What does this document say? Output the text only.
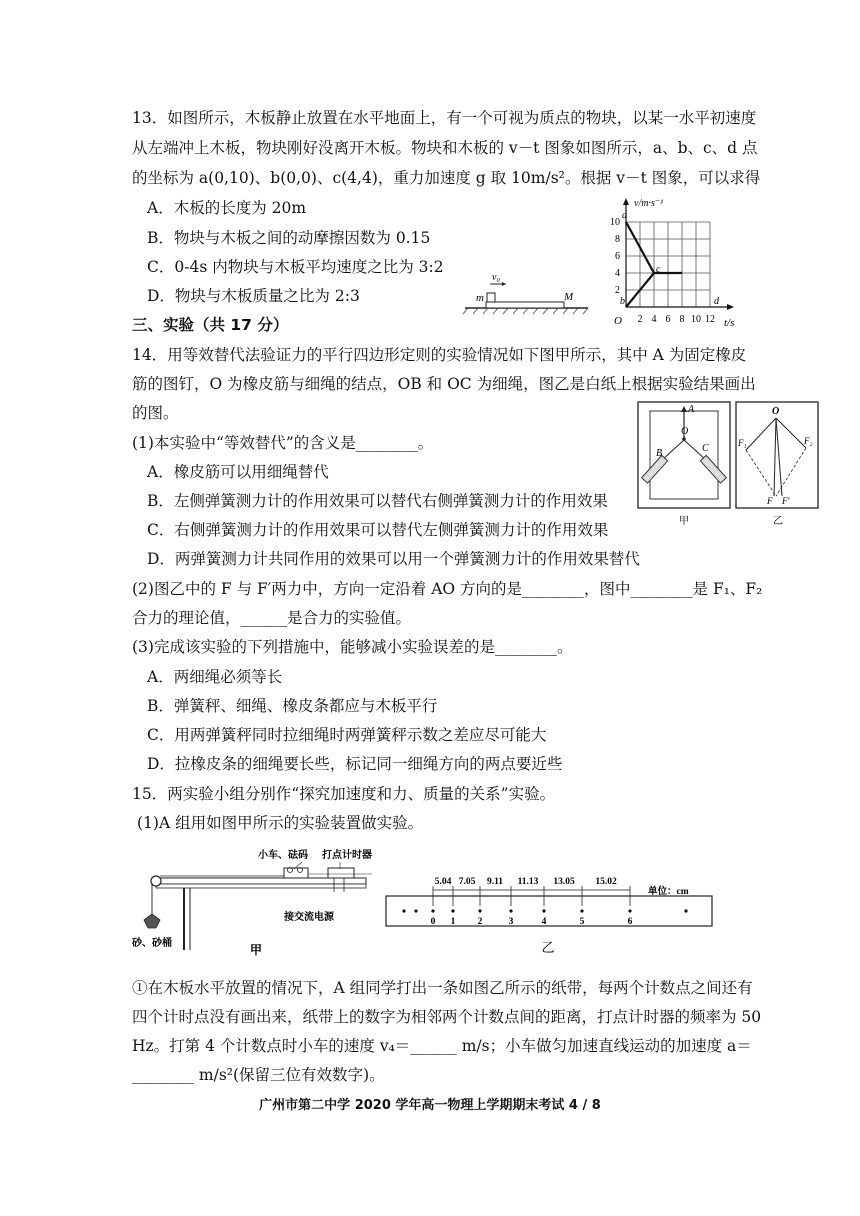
13．如图所示，木板静止放置在水平地面上，有一个可视为质点的物块，以某一水平初速度
从左端冲上木板，物块刚好没离开木板。物块和木板的 v－t 图象如图所示，a、b、c、d 点
的坐标为 a(0,10)、b(0,0)、c(4,4)，重力加速度 g 取 10m/s²。根据 v－t 图象，可以求得
A．木板的长度为 20m
B．物块与木板之间的动摩擦因数为 0.15
C．0-4s 内物块与木板平均速度之比为 3:2
D．物块与木板质量之比为 2:3
v₀
m	M
v/m·s⁻¹
t/s
O 2 4 6 8 10 12
2
4
6
8
10
a
b
c
d
三、实验（共 17 分）
14．用等效替代法验证力的平行四边形定则的实验情况如下图甲所示，其中 A 为固定橡皮
筋的图钉，O 为橡皮筋与细绳的结点，OB 和 OC 为细绳，图乙是白纸上根据实验结果画出
的图。
(1)本实验中“等效替代”的含义是________。
A．橡皮筋可以用细绳替代
B．左侧弹簧测力计的作用效果可以替代右侧弹簧测力计的作用效果
C．右侧弹簧测力计的作用效果可以替代左侧弹簧测力计的作用效果
D．两弹簧测力计共同作用的效果可以用一个弹簧测力计的作用效果替代
(2)图乙中的 F 与 F′两力中，方向一定沿着 AO 方向的是________，图中________是 F₁、F₂
合力的理论值，______是合力的实验值。
(3)完成该实验的下列措施中，能够减小实验误差的是________。
A．两细绳必须等长
B．弹簧秤、细绳、橡皮条都应与木板平行
C．用两弹簧秤同时拉细绳时两弹簧秤示数之差应尽可能大
D．拉橡皮条的细绳要长些，标记同一细绳方向的两点要近些
A
O
B	C
甲
O
F₁	F₂
F F′
乙
15．两实验小组分别作“探究加速度和力、质量的关系”实验。
(1)A 组用如图甲所示的实验装置做实验。
小车、砝码 打点计时器
接交流电源
砂、砂桶	甲
5.04 7.05 9.11 11.13 13.05 15.02
单位：cm
0 1 2	3	4	5	6
乙
①在木板水平放置的情况下，A 组同学打出一条如图乙所示的纸带，每两个计数点之间还有
四个计时点没有画出来，纸带上的数字为相邻两个计数点间的距离，打点计时器的频率为 50
Hz。打第 4 个计数点时小车的速度 v₄＝______ m/s；小车做匀加速直线运动的加速度 a＝
________ m/s²(保留三位有效数字)。
广州市第二中学 2020 学年高一物理上学期期末考试 4 / 8
